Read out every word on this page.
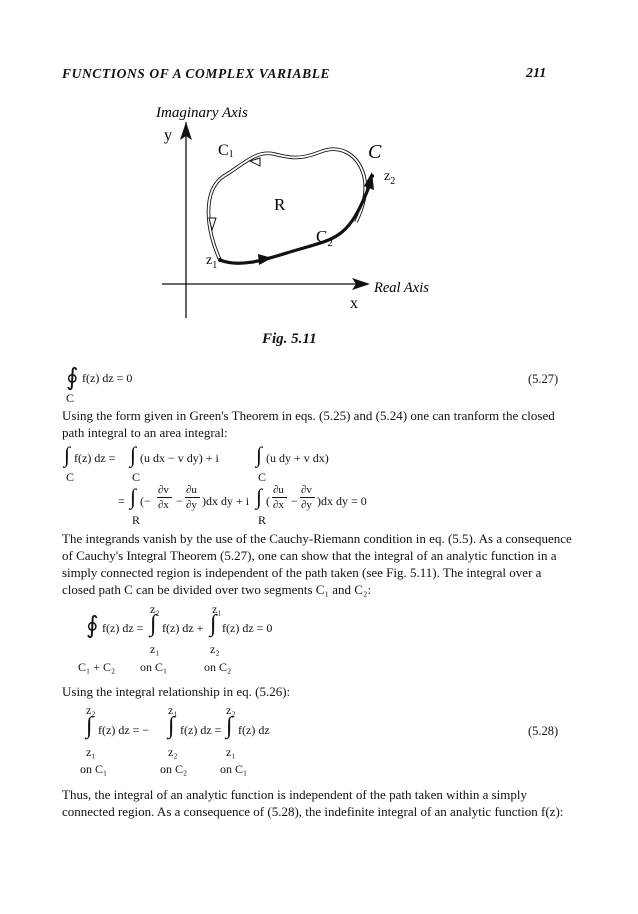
FUNCTIONS OF A COMPLEX VARIABLE	211
Imaginary Axis
y
Real Axis
x
C1	C
$z_2$
R
$C_2$
$z_1$
Fig. 5.11
∮ f(z) dz = 0
C
(5.27)
Using the form given in Green's Theorem in eqs. (5.25) and (5.24) one can tranform the closed path integral to an area integral:
∫ f(z) dz = ∫ (u dx − v dy) + i ∫ (u dy + v dx)
C	C	C
= ∫ (−
∂v
∂x −
∂u
∂y )dx dy + i ∫ (
∂u
∂x −
∂v
∂y )dx dy = 0
R	R
The integrands vanish by the use of the Cauchy-Riemann condition in eq. (5.5). As a consequence of Cauchy's Integral Theorem (5.27), one can show that the integral of an analytic function in a simply connected region is independent of the path taken (see Fig. 5.11). The integral over a closed path C can be divided over two segments C₁ and C₂:
z₂	z₁
∮ f(z) dz = ∫ f(z) dz + ∫ f(z) dz = 0
z₁	z₂
C₁ + C₂ on C₁	on C₂
Using the integral relationship in eq. (5.26):
z₂	z₁	z₂
∫ f(z) dz = − ∫ f(z) dz = ∫ f(z) dz	(5.28)
z₁	z₂	z₁
on C₁	on C₂	on C₁
Thus, the integral of an analytic function is independent of the path taken within a simply connected region. As a consequence of (5.28), the indefinite integral of an analytic function f(z):
